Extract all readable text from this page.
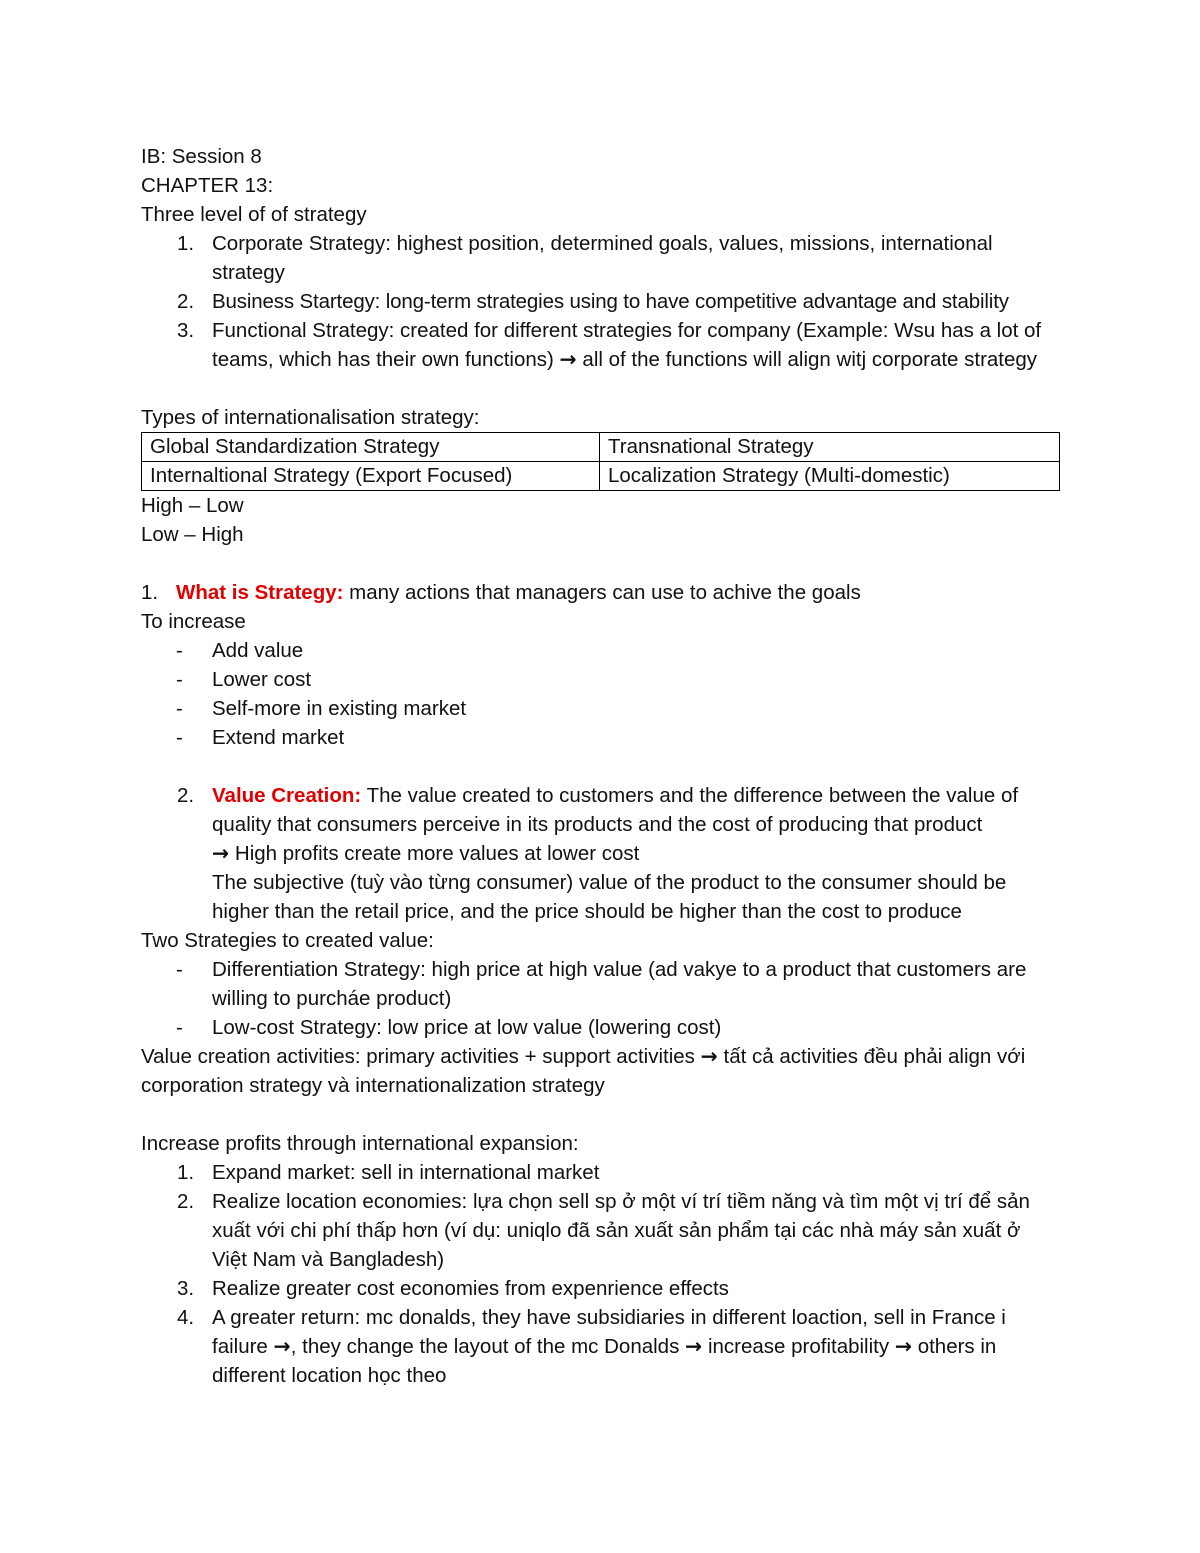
IB: Session 8

CHAPTER 13:

Three level of of strategy

1. Corporate Strategy: highest position, determined goals, values, missions, international strategy
2. Business Startegy: long-term strategies using to have competitive advantage and stability
3. Functional Strategy: created for different strategies for company (Example: Wsu has a lot of teams, which has their own functions) → all of the functions will align witj corporate strategy

Types of internationalisation strategy:

Global Standardization Strategy	Transnational Strategy
Internaltional Strategy (Export Focused)	Localization Strategy (Multi-domestic)

High – Low

Low – High

1. What is Strategy: many actions that managers can use to achive the goals

To increase

- Add value
- Lower cost
- Self-more in existing market
- Extend market
2. Value Creation: The value created to customers and the difference between the value of quality that consumers perceive in its products and the cost of producing that product
→ High profits create more values at lower cost
The subjective (tuỳ vào từng consumer) value of the product to the consumer should be higher than the retail price, and the price should be higher than the cost to produce

Two Strategies to created value:

- Differentiation Strategy: high price at high value (ad vakye to a product that customers are willing to purcháe product)
- Low-cost Strategy: low price at low value (lowering cost)

Value creation activities: primary activities + support activities → tất cả activities đều phải align với corporation strategy và internationalization strategy

Increase profits through international expansion:

1. Expand market: sell in international market
2. Realize location economies: lựa chọn sell sp ở một ví trí tiềm năng và tìm một vị trí để sản xuất với chi phí thấp hơn (ví dụ: uniqlo đã sản xuất sản phẩm tại các nhà máy sản xuất ở Việt Nam và Bangladesh)
3. Realize greater cost economies from expenrience effects
4. A greater return: mc donalds, they have subsidiaries in different loaction, sell in France i failure →, they change the layout of the mc Donalds → increase profitability → others in different location học theo
